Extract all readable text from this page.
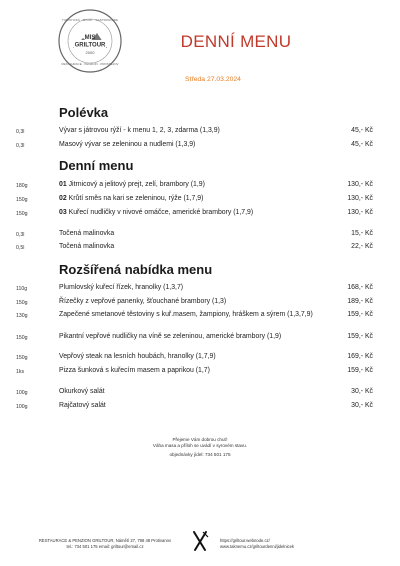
MIS
GRILTOUR
2000
TURISTICKÁ · SPORT · GASTRONOMIE
RESTAURACE · PENZION · PROSTĚJOV
DENNÍ MENU
Středa 27.03.2024
Polévka
0,3l	Vývar s játrovou rýží - k menu 1, 2, 3, zdarma (1,3,9)	45,- Kč
0,3l	Masový vývar se zeleninou a nudlemi (1,3,9)	45,- Kč
Denní menu
180g	01 Jitrnicový a jelitový prejt, zelí, brambory (1,9)	130,- Kč
150g	02 Krůtí směs na kari se zeleninou, rýže (1,7,9)	130,- Kč
150g	03 Kuřecí nudličky v nivové omáčce, americké brambory (1,7,9)	130,- Kč
0,3l	Točená malinovka	15,- Kč
0,5l	Točená malinovka	22,- Kč
Rozšířená nabídka menu
110g	Plumlovský kuřecí řízek, hranolky (1,3,7)	168,- Kč
150g	Řízečky z vepřové panenky, šťouchané brambory (1,3)	189,- Kč
130g	Zapečené smetanové těstoviny s kuř.masem, žampiony, hráškem a sýrem (1,3,7,9)	159,- Kč
150g	Pikantní vepřové nudličky na víně se zeleninou, americké brambory (1,9)	159,- Kč
150g	Vepřový steak na lesních houbách, hranolky (1,7,9)	169,- Kč
1ks	Pizza šunková s kuřecím masem a paprikou (1,7)	159,- Kč
100g	Okurkový salát	30,- Kč
100g	Rajčatový salát	30,- Kč
Přejeme Vám dobrou chuť!
Váha masa a příloh se uvádí v syrovém stavu.
objednávky jídel: 734 501 175
RESTAURACE & PENZION GRILTOUR, Námětí 27, 798 48 Protivanov
tel.: 734 501 175 email: griltour@email.cz
https://griltour.webnode.cz/
www.taknemu.cz/griltourdenni/jidelnicek
